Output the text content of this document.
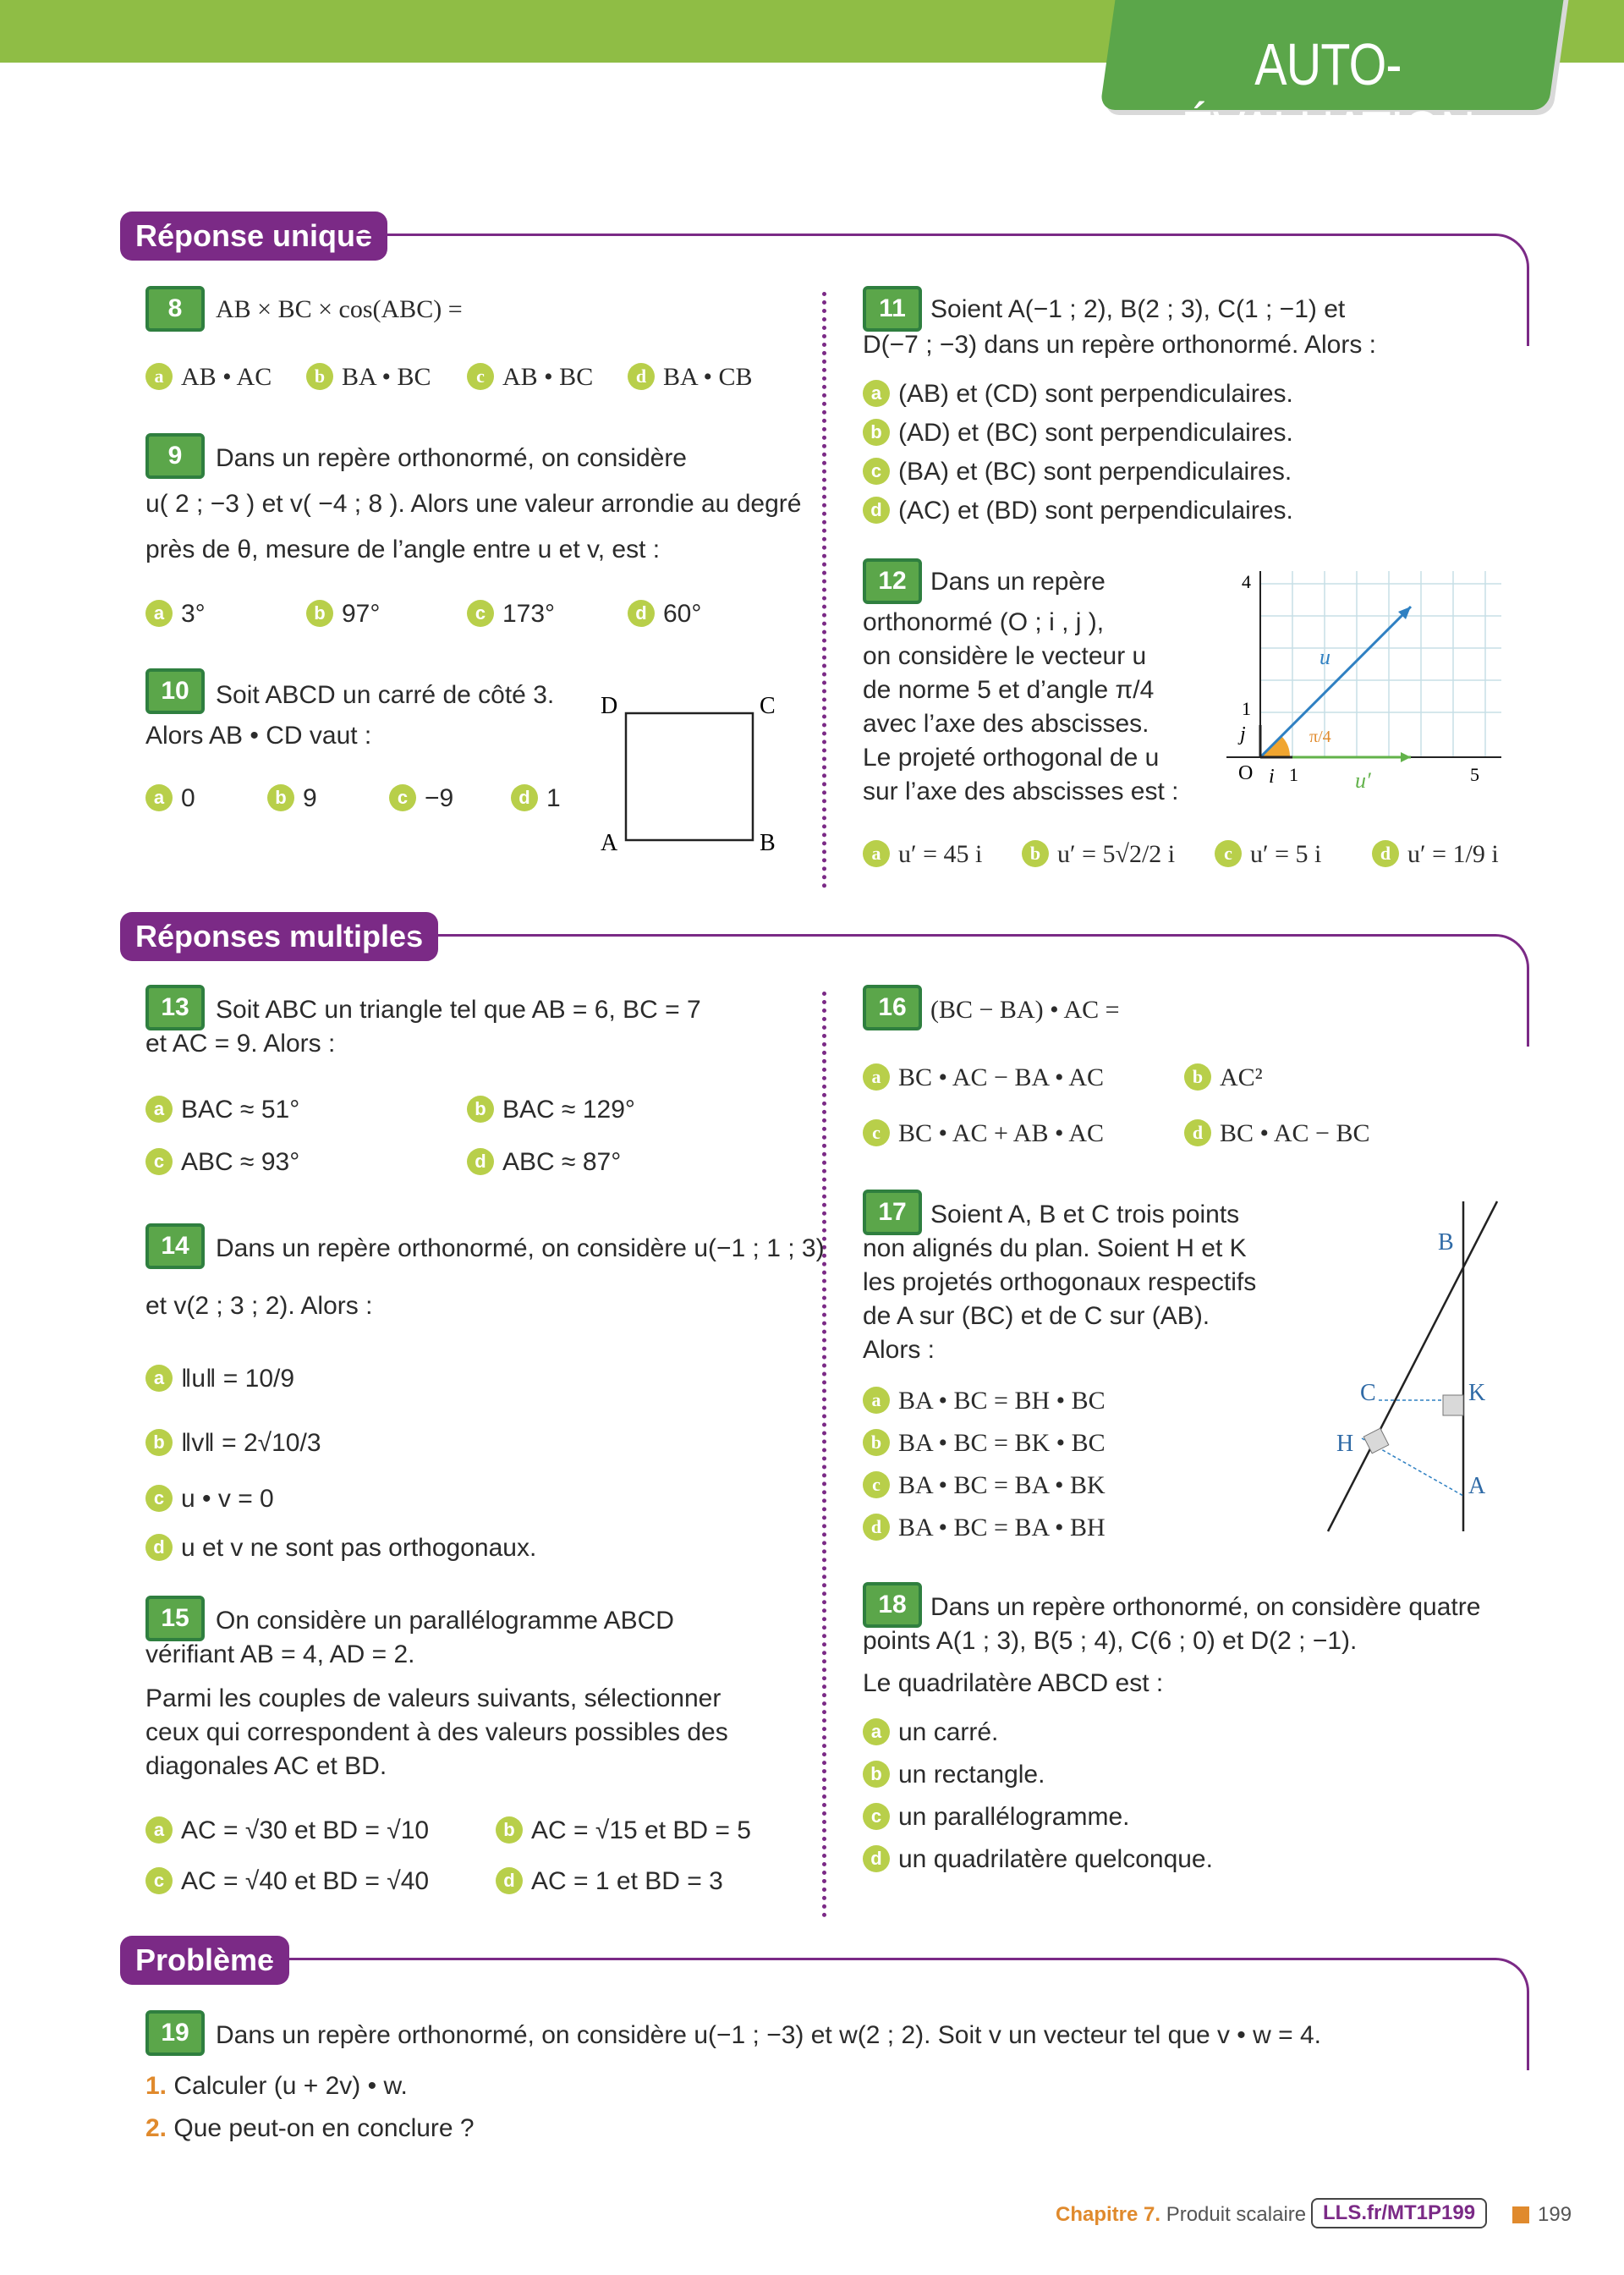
AUTO-ÉVALUATION
Réponse unique
8	AB × BC × cos(ABC) =
a AB • AC	b BA • BC	c AB • BC	d BA • CB
9	Dans un repère orthonormé, on considère
u( 2 ; −3 ) et v( −4 ; 8 ). Alors une valeur arrondie au degré
près de θ, mesure de l’angle entre u et v, est :
a 3°	b 97°	c 173°	d 60°
10	Soit ABCD un carré de côté 3.
Alors AB • CD vaut :
a 0	b 9	c −9	d 1
D	C
A	B
11 Soient A(−1 ; 2), B(2 ; 3), C(1 ; −1) et
D(−7 ; −3) dans un repère orthonormé. Alors :
a (AB) et (CD) sont perpendiculaires.
b (AD) et (BC) sont perpendiculaires.
c (BA) et (BC) sont perpendiculaires.
d (AC) et (BD) sont perpendiculaires.
12 Dans un repère
orthonormé (O ; i , j ),
on considère le vecteur u
de norme 5 et d’angle π/4
avec l’axe des abscisses.
Le projeté orthogonal de u
sur l’axe des abscisses est :
4
1
j
O i 1	5
u
u′
π/4
a u′ = 45 i	b u′ = 5√2/2 i	c u′ = 5 i	d u′ = 1/9 i
Réponses multiples
13	Soit ABC un triangle tel que AB = 6, BC = 7
et AC = 9. Alors :
a BAC ≈ 51°	b BAC ≈ 129°
c ABC ≈ 93°	d ABC ≈ 87°
14	Dans un repère orthonormé, on considère u(−1 ; 1 ; 3)
et v(2 ; 3 ; 2). Alors :
a ‖u‖ = 10/9
b ‖v‖ = 2√10/3
c u • v = 0
d u et v ne sont pas orthogonaux.
15	On considère un parallélogramme ABCD
vérifiant AB = 4, AD = 2.
Parmi les couples de valeurs suivants, sélectionner
ceux qui correspondent à des valeurs possibles des
diagonales AC et BD.
a AC = √30 et BD = √10	b AC = √15 et BD = 5
c AC = √40 et BD = √40	d AC = 1 et BD = 3
16 (BC − BA) • AC =
a BC • AC − BA • AC	b AC²
c BC • AC + AB • AC	d BC • AC − BC
17 Soient A, B et C trois points
non alignés du plan. Soient H et K
les projetés orthogonaux respectifs
de A sur (BC) et de C sur (AB).
Alors :
a BA • BC = BH • BC
b BA • BC = BK • BC
c BA • BC = BA • BK
d BA • BC = BA • BH
B
C	K
H
A
18 Dans un repère orthonormé, on considère quatre
points A(1 ; 3), B(5 ; 4), C(6 ; 0) et D(2 ; −1).
Le quadrilatère ABCD est :
a un carré.
b un rectangle.
c un parallélogramme.
d un quadrilatère quelconque.
Problème
19	Dans un repère orthonormé, on considère u(−1 ; −3) et w(2 ; 2). Soit v un vecteur tel que v • w = 4.
1. Calculer (u + 2v) • w.
2. Que peut-on en conclure ?
Chapitre 7. Produit scalaire LLS.fr/MT1P199	199
